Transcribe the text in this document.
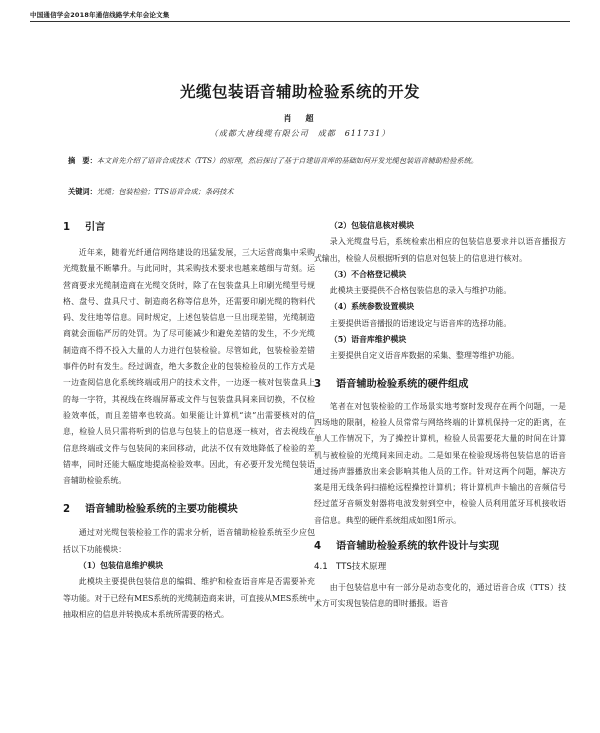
中国通信学会2018年通信线路学术年会论文集
光缆包装语音辅助检验系统的开发
肖　超
（成都大唐线缆有限公司　成都　611731）
摘　要：本文首先介绍了语音合成技术（TTS）的原理，然后探讨了基于自建语音库的基础如何开发光缆包装语音辅助检验系统。
关键词：光缆；包装检验；TTS语音合成；条码技术
1 引言

近年来，随着光纤通信网络建设的迅猛发展，三大运营商集中采购光缆数量不断攀升。与此同时，其采购技术要求也越来越细与苛刻。运营商要求光缆制造商在光缆交货时，除了在包装盘具上印刷光缆型号规格、盘号、盘具尺寸、制造商名称等信息外，还需要印刷光缆的物料代码、发往地等信息。同时规定，上述包装信息一旦出现差错，光缆制造商就会面临严厉的处罚。为了尽可能减少和避免差错的发生，不少光缆制造商不得不投入大量的人力进行包装检验。尽管如此，包装检验差错事件仍时有发生。经过调查，绝大多数企业的包装检验员的工作方式是一边查阅信息化系统终端或用户的技术文件，一边逐一核对包装盘具上的每一字符，其视线在终端屏幕或文件与包装盘具间来回切换，不仅检验效率低，而且差错率也较高。如果能让计算机“读”出需要核对的信息，检验人员只需将听到的信息与包装上的信息逐一核对，省去视线在信息终端或文件与包装间的来回移动，此法不仅有效地降低了检验的差错率，同时还能大幅度地提高检验效率。因此，有必要开发光缆包装语音辅助检验系统。

2 语音辅助检验系统的主要功能模块

通过对光缆包装检验工作的需求分析，语音辅助检验系统至少应包括以下功能模块：

（1）包装信息维护模块

此模块主要提供包装信息的编辑、维护和检查语音库是否需要补充等功能。对于已经有MES系统的光缆制造商来讲，可直接从MES系统中抽取相应的信息并转换成本系统所需要的格式。

（2）包装信息核对模块

录入光缆盘号后，系统检索出相应的包装信息要求并以语音播报方式输出，检验人员根据听到的信息对包装上的信息进行核对。

（3）不合格登记模块

此模块主要提供不合格包装信息的录入与维护功能。

（4）系统参数设置模块

主要提供语音播报的语速设定与语音库的选择功能。

（5）语音库维护模块

主要提供自定义语音库数据的采集、整理等维护功能。

3 语音辅助检验系统的硬件组成

笔者在对包装检验的工作场景实地考察时发现存在两个问题，一是四场地的限制，检验人员常常与网络终端的计算机保持一定的距离，在单人工作情况下，为了操控计算机，检验人员需要花大量的时间在计算机与被检验的光缆间来回走动。二是如果在检验现场将包装信息的语音通过扬声器播放出来会影响其他人员的工作。针对这两个问题，解决方案是用无线条码扫描枪远程操控计算机；将计算机声卡输出的音频信号经过蓝牙音频发射器将电波发射到空中，检验人员利用蓝牙耳机接收语音信息。典型的硬件系统组成如图1所示。

4 语音辅助检验系统的软件设计与实现
4.1 TTS技术原理

由于包装信息中有一部分是动态变化的，通过语音合成（TTS）技术方可实现包装信息的即时播报。语音
